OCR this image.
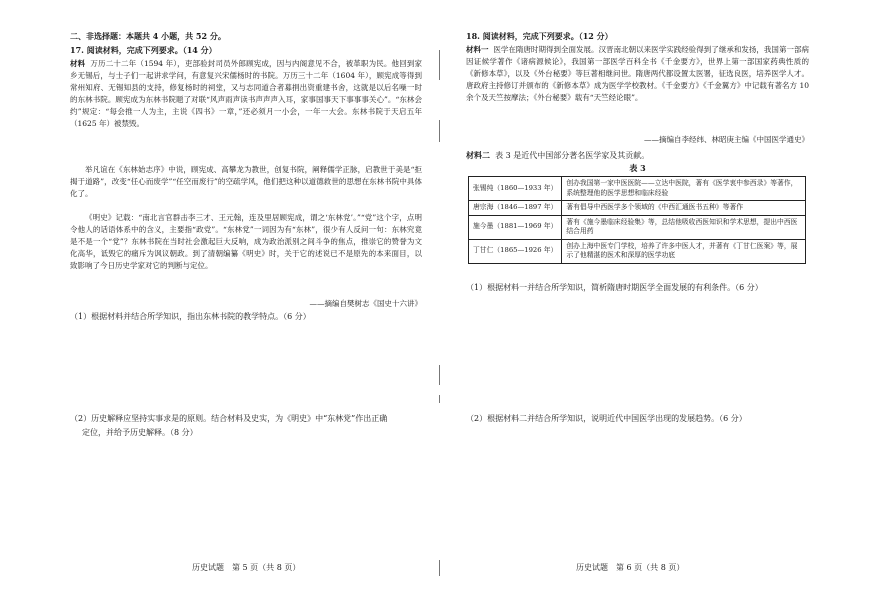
二、非选择题：本题共 4 小题，共 52 分。
17. 阅读材料，完成下列要求。（14 分）
材料 万历二十二年（1594 年），吏部验封司员外郎顾宪成，因与内阁意见不合，被革职为民。他回到家乡无锡后，与士子们一起讲求学问，有意复兴宋儒杨时的书院。万历三十二年（1604 年），顾宪成等得到常州知府、无锡知县的支持，修复杨时的祠堂，又与志同道合者募捐出资重建书舍，这就是以后名噪一时的东林书院。顾宪成为东林书院题了对联“风声雨声读书声声声入耳，家事国事天下事事事关心”。“东林会约”规定：“每会推一人为主，主说《四书》一章，”还必须月一小会，一年一大会。东林书院于天启五年（1625 年）被禁毁。
举凡谊在《东林始志序》中说，顾宪成、高攀龙为教世，创复书院，阐释儒学正脉，启教世于美是“拒揭于道路”，改变“任心而废学”“任空而废行”的空疏学风，他们把这种以道德救世的思想在东林书院中具体化了。
《明史》记载：“南北言官群击李三才、王元翰，连及里居顾宪成，谓之‘东林党’。”“党”这个字，点明令他人的话语体系中的含义，主要指“政党”。“东林党”一词因为有“东林”，很少有人反问一句：东林究竟是不是一个“党”？东林书院在当时社会激起巨大反响，成为政治派别之间斗争的焦点，推崇它的赞誉为文化高华，诋毁它的痛斥为讽议朝政。到了清朝编纂《明史》时，关于它的述说已不是原先的本来面目，以致影响了今日历史学家对它的判断与定位。
——摘编自樊树志《国史十六讲》
（1）根据材料并结合所学知识，指出东林书院的教学特点。（6 分）
（2）历史解释应坚持实事求是的原则。结合材料及史实，为《明史》中“东林党”作出正确
定位，并给予历史解释。（8 分）
历史试题　第 5 页（共 8 页）
18. 阅读材料，完成下列要求。（12 分）
材料一 医学在隋唐时期得到全面发展。汉晋南北朝以来医学实践经验得到了继承和发扬，我国第一部病因证候学著作《诸病源候论》，我国第一部医学百科全书《千金要方》，世界上第一部国家药典性质的《新修本草》，以及《外台秘要》等巨著相继问世。隋唐两代都设置太医署，征选良医，培养医学人才。唐政府主持修订并颁布的《新修本草》成为医学学校教材。《千金要方》《千金翼方》中记载有著名方 10 余个及天竺按摩法；《外台秘要》载有“天竺经论眼”。
——摘编自李经纬、林昭庚主编《中国医学通史》
材料二 表 3 是近代中国部分著名医学家及其贡献。
表 3
张锡纯（1860—1933 年）	创办我国第一家中医医院——立达中医院，著有《医学衷中参西录》等著作，系统整理他的医学思想和临床经验
唐宗海（1846—1897 年）	著有倡导中西医学多个领域的《中西汇通医书五种》等著作
施今墨（1881—1969 年）	著有《施今墨临床经验集》等，总结他吸收西医知识和学术思想，提出中西医结合用药
丁甘仁（1865—1926 年）	创办上海中医专门学校，培养了许多中医人才，并著有《丁甘仁医案》等，展示了他精湛的医术和深厚的医学功底
（1）根据材料一并结合所学知识，简析隋唐时期医学全面发展的有利条件。（6 分）
（2）根据材料二并结合所学知识，说明近代中国医学出现的发展趋势。（6 分）
历史试题　第 6 页（共 8 页）
